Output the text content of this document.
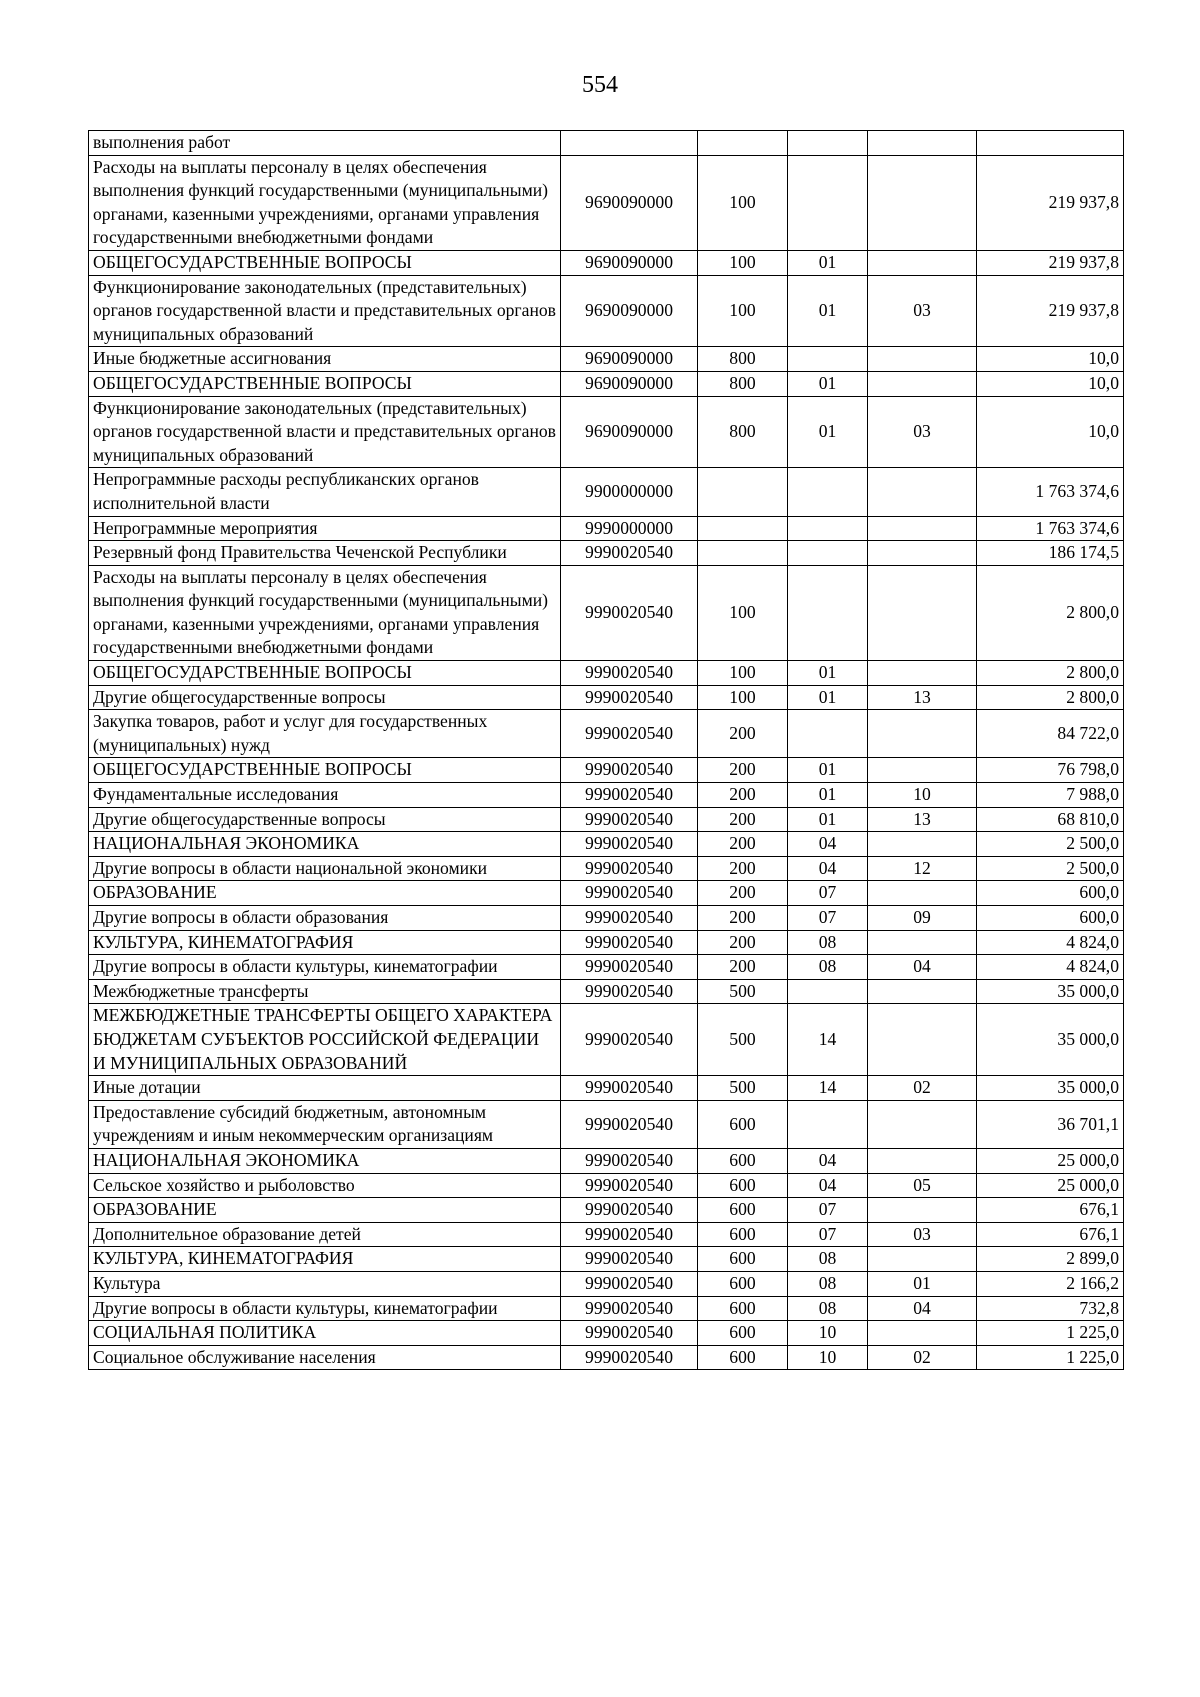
554
выполнения работ					
Расходы на выплаты персоналу в целях обеспечения выполнения функций государственными (муниципальными) органами, казенными учреждениями, органами управления государственными внебюджетными фондами	9690090000	100			219 937,8
ОБЩЕГОСУДАРСТВЕННЫЕ ВОПРОСЫ	9690090000	100	01		219 937,8
Функционирование законодательных (представительных) органов государственной власти и представительных органов муниципальных образований	9690090000	100	01	03	219 937,8
Иные бюджетные ассигнования	9690090000	800			10,0
ОБЩЕГОСУДАРСТВЕННЫЕ ВОПРОСЫ	9690090000	800	01		10,0
Функционирование законодательных (представительных) органов государственной власти и представительных органов муниципальных образований	9690090000	800	01	03	10,0
Непрограммные расходы республиканских органов исполнительной власти	9900000000				1 763 374,6
Непрограммные мероприятия	9990000000				1 763 374,6
Резервный фонд Правительства Чеченской Республики	9990020540				186 174,5
Расходы на выплаты персоналу в целях обеспечения выполнения функций государственными (муниципальными) органами, казенными учреждениями, органами управления государственными внебюджетными фондами	9990020540	100			2 800,0
ОБЩЕГОСУДАРСТВЕННЫЕ ВОПРОСЫ	9990020540	100	01		2 800,0
Другие общегосударственные вопросы	9990020540	100	01	13	2 800,0
Закупка товаров, работ и услуг для государственных (муниципальных) нужд	9990020540	200			84 722,0
ОБЩЕГОСУДАРСТВЕННЫЕ ВОПРОСЫ	9990020540	200	01		76 798,0
Фундаментальные исследования	9990020540	200	01	10	7 988,0
Другие общегосударственные вопросы	9990020540	200	01	13	68 810,0
НАЦИОНАЛЬНАЯ ЭКОНОМИКА	9990020540	200	04		2 500,0
Другие вопросы в области национальной экономики	9990020540	200	04	12	2 500,0
ОБРАЗОВАНИЕ	9990020540	200	07		600,0
Другие вопросы в области образования	9990020540	200	07	09	600,0
КУЛЬТУРА, КИНЕМАТОГРАФИЯ	9990020540	200	08		4 824,0
Другие вопросы в области культуры, кинематографии	9990020540	200	08	04	4 824,0
Межбюджетные трансферты	9990020540	500			35 000,0
МЕЖБЮДЖЕТНЫЕ ТРАНСФЕРТЫ ОБЩЕГО ХАРАКТЕРА БЮДЖЕТАМ СУБЪЕКТОВ РОССИЙСКОЙ ФЕДЕРАЦИИ И МУНИЦИПАЛЬНЫХ ОБРАЗОВАНИЙ	9990020540	500	14		35 000,0
Иные дотации	9990020540	500	14	02	35 000,0
Предоставление субсидий бюджетным, автономным учреждениям и иным некоммерческим организациям	9990020540	600			36 701,1
НАЦИОНАЛЬНАЯ ЭКОНОМИКА	9990020540	600	04		25 000,0
Сельское хозяйство и рыболовство	9990020540	600	04	05	25 000,0
ОБРАЗОВАНИЕ	9990020540	600	07		676,1
Дополнительное образование детей	9990020540	600	07	03	676,1
КУЛЬТУРА, КИНЕМАТОГРАФИЯ	9990020540	600	08		2 899,0
Культура	9990020540	600	08	01	2 166,2
Другие вопросы в области культуры, кинематографии	9990020540	600	08	04	732,8
СОЦИАЛЬНАЯ ПОЛИТИКА	9990020540	600	10		1 225,0
Социальное обслуживание населения	9990020540	600	10	02	1 225,0
